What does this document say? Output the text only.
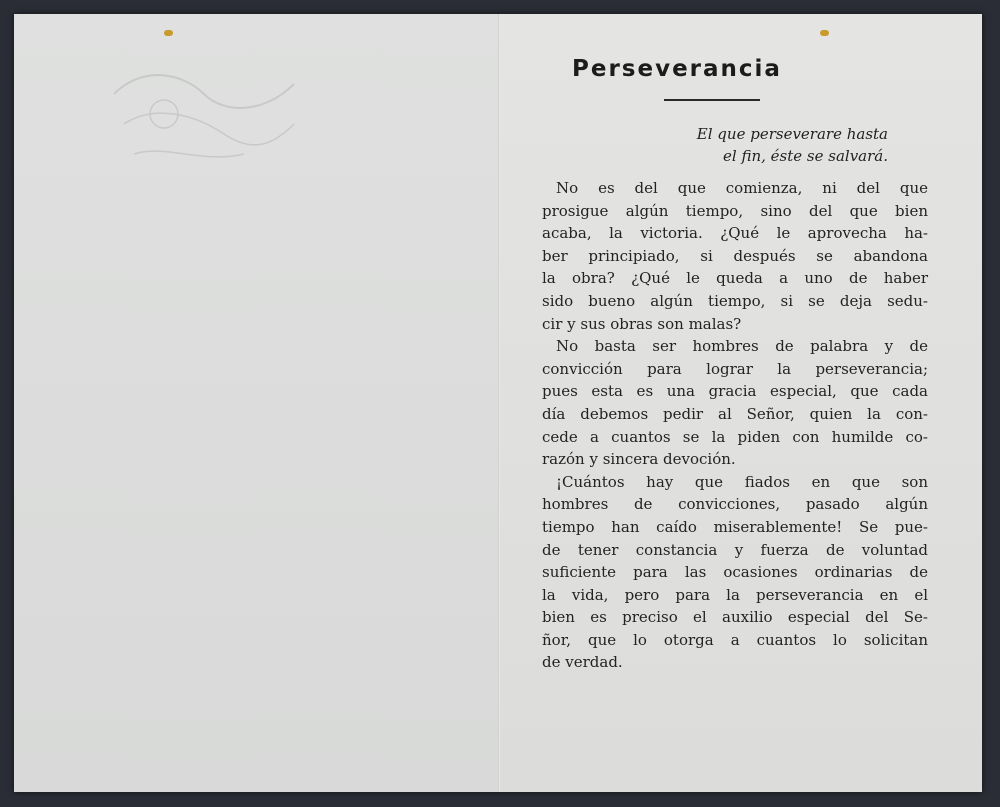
Perseverancia
El que perseverare hasta
el fin, éste se salvará.
No es del que comienza, ni del que
prosigue algún tiempo, sino del que bien
acaba, la victoria. ¿Qué le aprovecha ha-
ber principiado, si después se abandona
la obra? ¿Qué le queda a uno de haber
sido bueno algún tiempo, si se deja sedu-
cir y sus obras son malas?
No basta ser hombres de palabra y de
convicción para lograr la perseverancia;
pues esta es una gracia especial, que cada
día debemos pedir al Señor, quien la con-
cede a cuantos se la piden con humilde co-
razón y sincera devoción.
¡Cuántos hay que fiados en que son
hombres de convicciones, pasado algún
tiempo han caído miserablemente! Se pue-
de tener constancia y fuerza de voluntad
suficiente para las ocasiones ordinarias de
la vida, pero para la perseverancia en el
bien es preciso el auxilio especial del Se-
ñor, que lo otorga a cuantos lo solicitan
de verdad.
